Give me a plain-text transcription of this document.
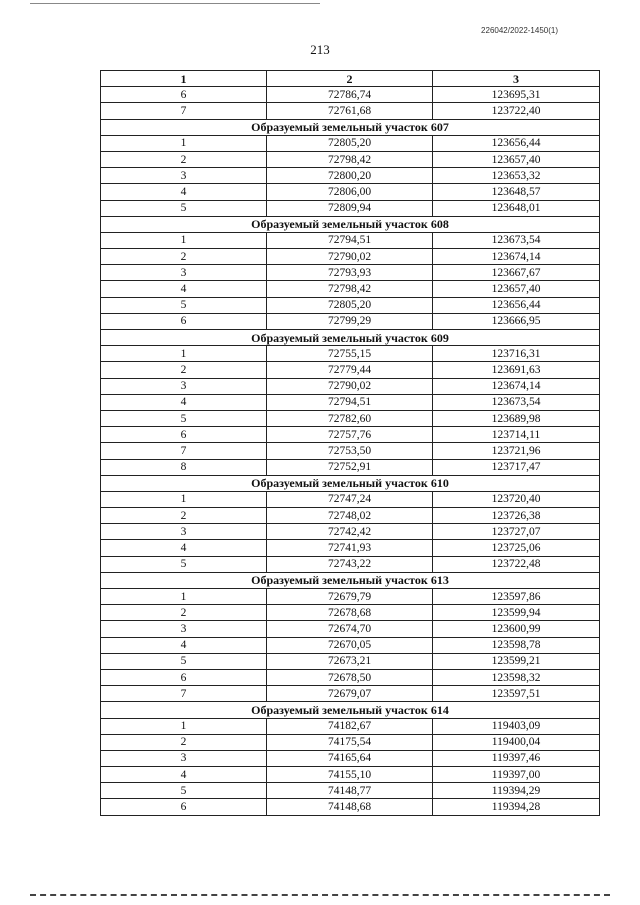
226042/2022-1450(1)
213
1	2	3
6	72786,74	123695,31
7	72761,68	123722,40
Образуемый земельный участок 607		
1	72805,20	123656,44
2	72798,42	123657,40
3	72800,20	123653,32
4	72806,00	123648,57
5	72809,94	123648,01
Образуемый земельный участок 608		
1	72794,51	123673,54
2	72790,02	123674,14
3	72793,93	123667,67
4	72798,42	123657,40
5	72805,20	123656,44
6	72799,29	123666,95
Образуемый земельный участок 609		
1	72755,15	123716,31
2	72779,44	123691,63
3	72790,02	123674,14
4	72794,51	123673,54
5	72782,60	123689,98
6	72757,76	123714,11
7	72753,50	123721,96
8	72752,91	123717,47
Образуемый земельный участок 610		
1	72747,24	123720,40
2	72748,02	123726,38
3	72742,42	123727,07
4	72741,93	123725,06
5	72743,22	123722,48
Образуемый земельный участок 613		
1	72679,79	123597,86
2	72678,68	123599,94
3	72674,70	123600,99
4	72670,05	123598,78
5	72673,21	123599,21
6	72678,50	123598,32
7	72679,07	123597,51
Образуемый земельный участок 614		
1	74182,67	119403,09
2	74175,54	119400,04
3	74165,64	119397,46
4	74155,10	119397,00
5	74148,77	119394,29
6	74148,68	119394,28
